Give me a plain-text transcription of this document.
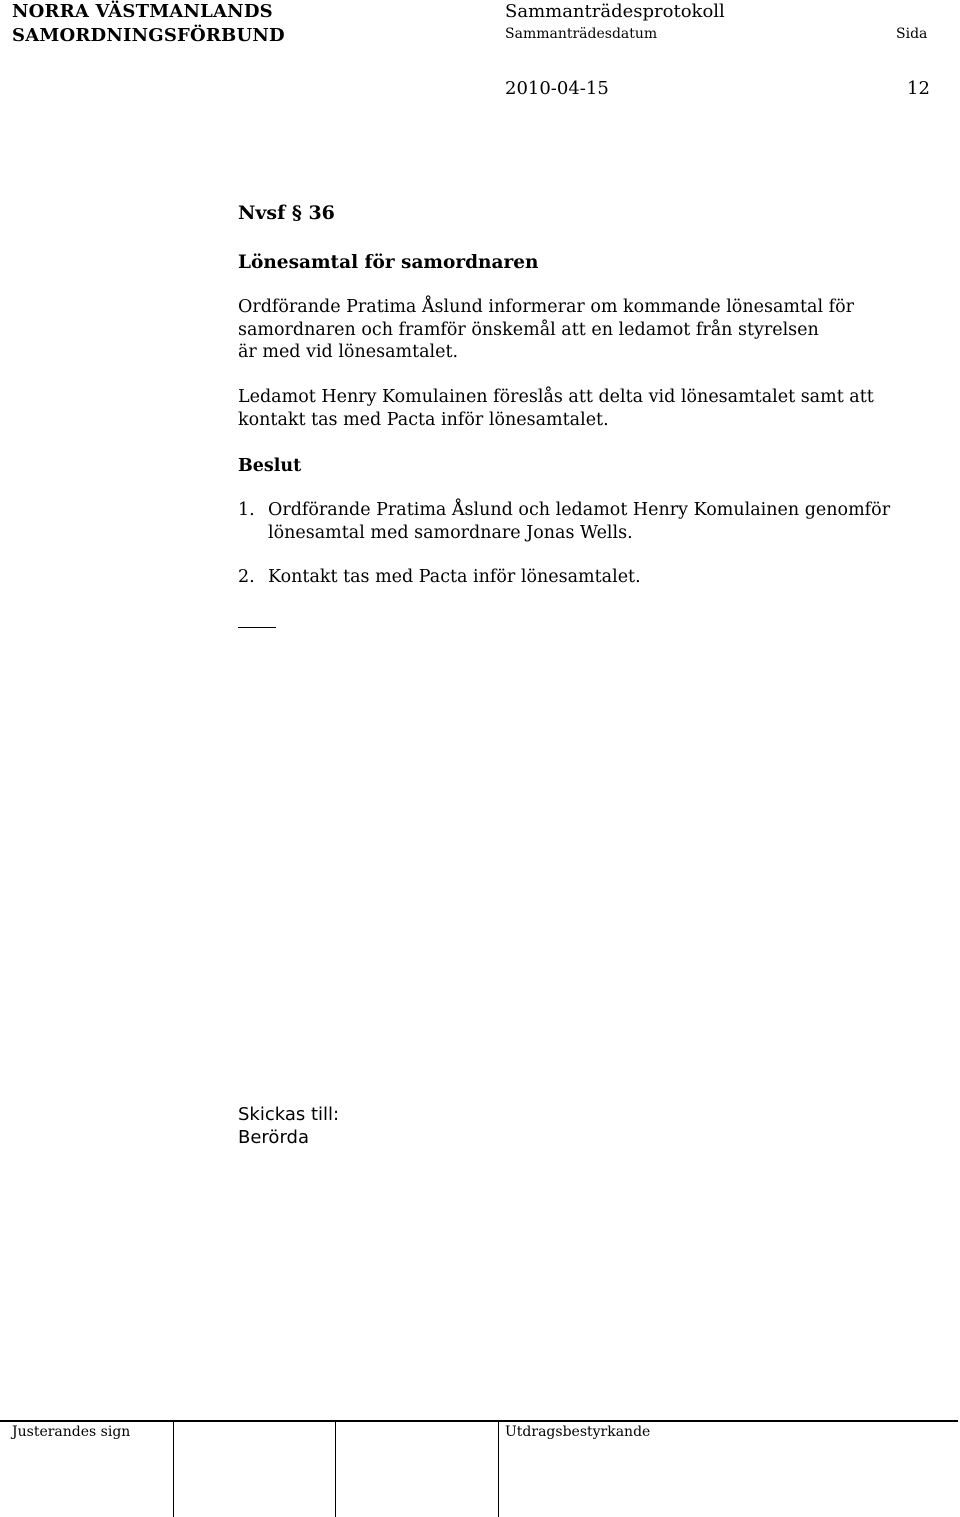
NORRA VÄSTMANLANDS
SAMORDNINGSFÖRBUND
Sammanträdesprotokoll
Sammanträdesdatum	Sida
2010-04-15	12
Nvsf § 36
Lönesamtal för samordnaren
Ordförande Pratima Åslund informerar om kommande lönesamtal för
samordnaren och framför önskemål att en ledamot från styrelsen
är med vid lönesamtalet.
Ledamot Henry Komulainen föreslås att delta vid lönesamtalet samt att
kontakt tas med Pacta inför lönesamtalet.
Beslut
1. Ordförande Pratima Åslund och ledamot Henry Komulainen genomför
lönesamtal med samordnare Jonas Wells.
2. Kontakt tas med Pacta inför lönesamtalet.
Skickas till:
Berörda
Justerandes sign	Utdragsbestyrkande
